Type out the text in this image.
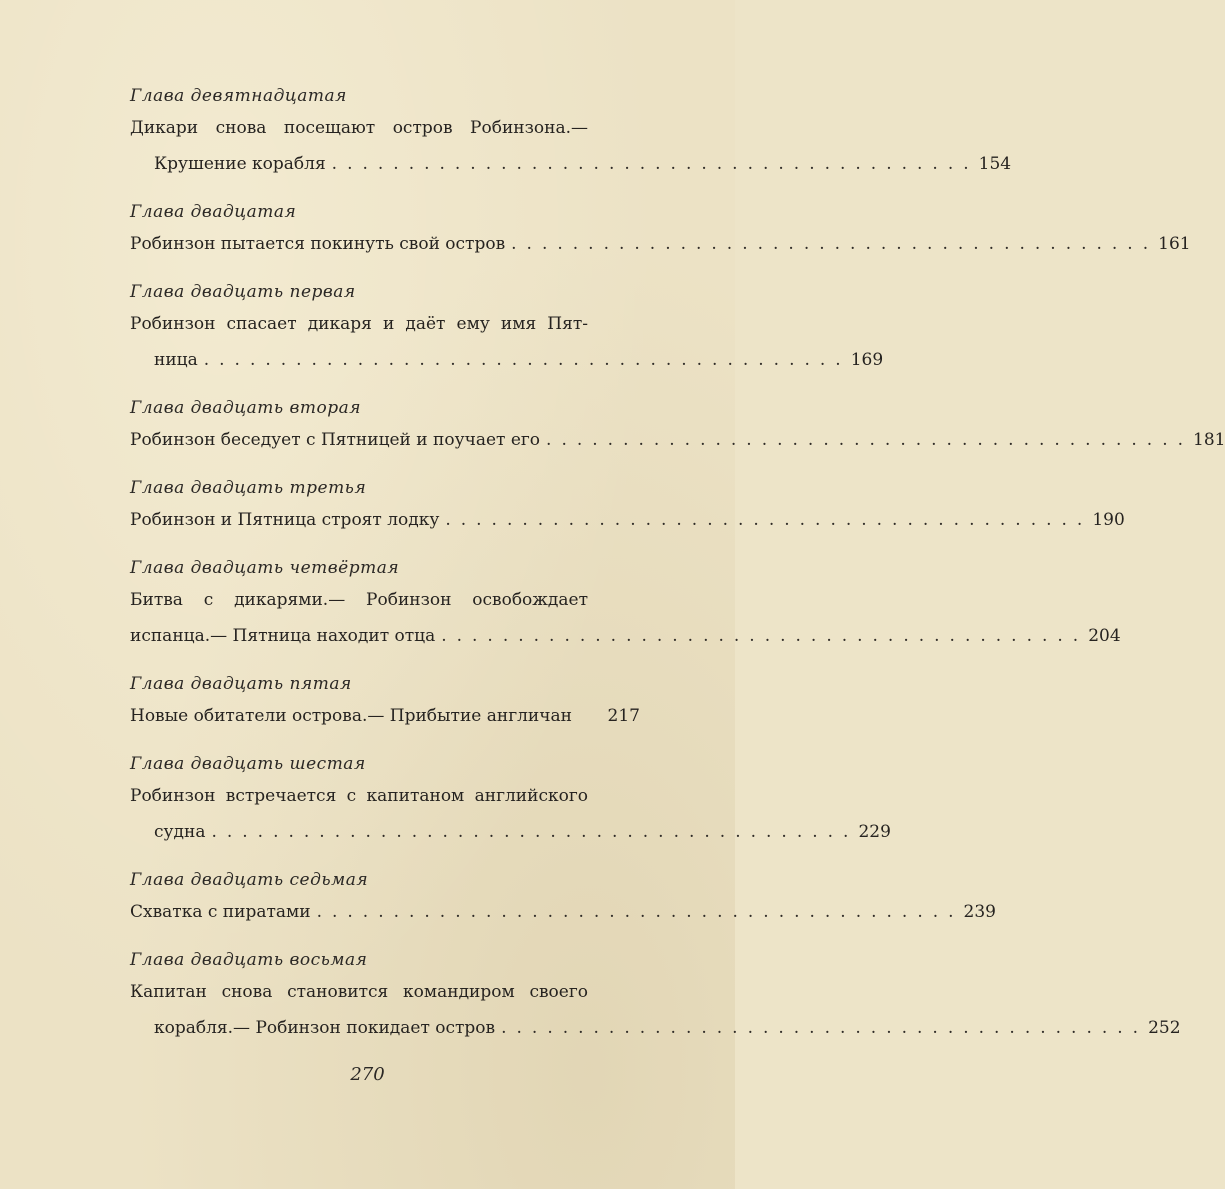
Глава девятнадцатая
Дикари снова посещают остров Робинзона.—
Крушение корабля .......................................... 154
Глава двадцатая
Робинзон пытается покинуть свой остров .......................................... 161
Глава двадцать первая
Робинзон спасает дикаря и даёт ему имя Пят-
ница .......................................... 169
Глава двадцать вторая
Робинзон беседует с Пятницей и поучает его .......................................... 181
Глава двадцать третья
Робинзон и Пятница строят лодку .......................................... 190
Глава двадцать четвёртая
Битва с дикарями.— Робинзон освобождает
испанца.— Пятница находит отца .......................................... 204
Глава двадцать пятая
Новые обитатели острова.— Прибытие англичан	217
Глава двадцать шестая
Робинзон встречается с капитаном английского
судна .......................................... 229
Глава двадцать седьмая
Схватка с пиратами .......................................... 239
Глава двадцать восьмая
Капитан снова становится командиром своего
корабля.— Робинзон покидает остров .......................................... 252
270
